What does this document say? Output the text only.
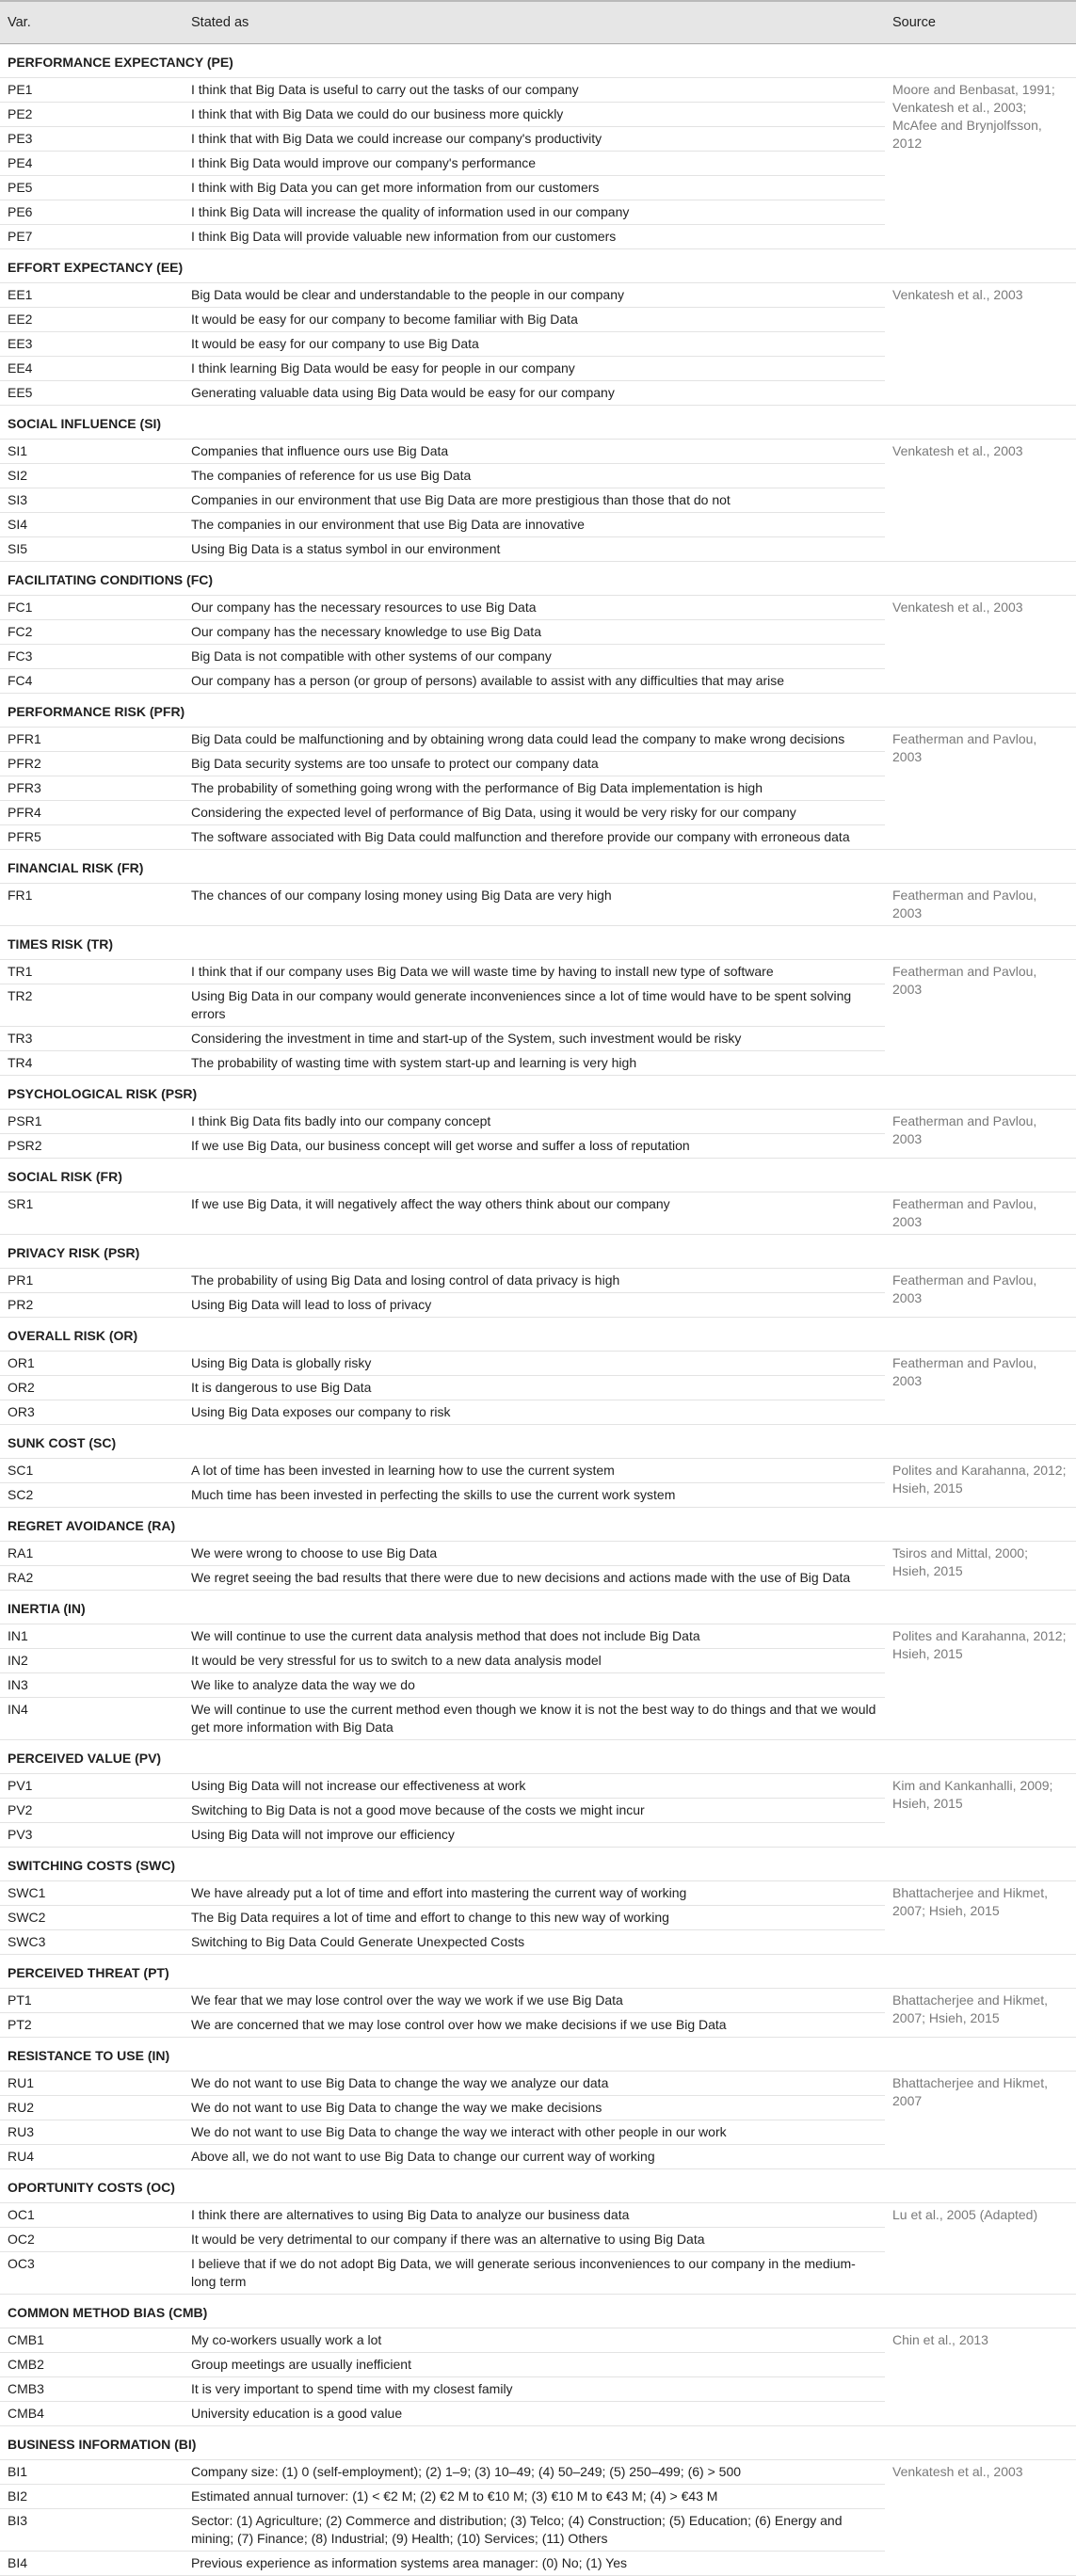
Var.	Stated as	Source
PERFORMANCE EXPECTANCY (PE)		
PE1	I think that Big Data is useful to carry out the tasks of our company	Moore and Benbasat, 1991; Venkatesh et al., 2003; McAfee and Brynjolfsson, 2012
PE2	I think that with Big Data we could do our business more quickly	
PE3	I think that with Big Data we could increase our company's productivity	
PE4	I think Big Data would improve our company's performance	
PE5	I think with Big Data you can get more information from our customers	
PE6	I think Big Data will increase the quality of information used in our company	
PE7	I think Big Data will provide valuable new information from our customers	
EFFORT EXPECTANCY (EE)		
EE1	Big Data would be clear and understandable to the people in our company	Venkatesh et al., 2003
EE2	It would be easy for our company to become familiar with Big Data	
EE3	It would be easy for our company to use Big Data	
EE4	I think learning Big Data would be easy for people in our company	
EE5	Generating valuable data using Big Data would be easy for our company	
SOCIAL INFLUENCE (SI)		
SI1	Companies that influence ours use Big Data	Venkatesh et al., 2003
SI2	The companies of reference for us use Big Data	
SI3	Companies in our environment that use Big Data are more prestigious than those that do not	
SI4	The companies in our environment that use Big Data are innovative	
SI5	Using Big Data is a status symbol in our environment	
FACILITATING CONDITIONS (FC)		
FC1	Our company has the necessary resources to use Big Data	Venkatesh et al., 2003
FC2	Our company has the necessary knowledge to use Big Data	
FC3	Big Data is not compatible with other systems of our company	
FC4	Our company has a person (or group of persons) available to assist with any difficulties that may arise	
PERFORMANCE RISK (PFR)		
PFR1	Big Data could be malfunctioning and by obtaining wrong data could lead the company to make wrong decisions	Featherman and Pavlou, 2003
PFR2	Big Data security systems are too unsafe to protect our company data	
PFR3	The probability of something going wrong with the performance of Big Data implementation is high	
PFR4	Considering the expected level of performance of Big Data, using it would be very risky for our company	
PFR5	The software associated with Big Data could malfunction and therefore provide our company with erroneous data	
FINANCIAL RISK (FR)		
FR1	The chances of our company losing money using Big Data are very high	Featherman and Pavlou, 2003
TIMES RISK (TR)		
TR1	I think that if our company uses Big Data we will waste time by having to install new type of software	Featherman and Pavlou, 2003
TR2	Using Big Data in our company would generate inconveniences since a lot of time would have to be spent solving errors	
TR3	Considering the investment in time and start-up of the System, such investment would be risky	
TR4	The probability of wasting time with system start-up and learning is very high	
PSYCHOLOGICAL RISK (PSR)		
PSR1	I think Big Data fits badly into our company concept	Featherman and Pavlou, 2003
PSR2	If we use Big Data, our business concept will get worse and suffer a loss of reputation	
SOCIAL RISK (FR)		
SR1	If we use Big Data, it will negatively affect the way others think about our company	Featherman and Pavlou, 2003
PRIVACY RISK (PSR)		
PR1	The probability of using Big Data and losing control of data privacy is high	Featherman and Pavlou, 2003
PR2	Using Big Data will lead to loss of privacy	
OVERALL RISK (OR)		
OR1	Using Big Data is globally risky	Featherman and Pavlou, 2003
OR2	It is dangerous to use Big Data	
OR3	Using Big Data exposes our company to risk	
SUNK COST (SC)		
SC1	A lot of time has been invested in learning how to use the current system	Polites and Karahanna, 2012; Hsieh, 2015
SC2	Much time has been invested in perfecting the skills to use the current work system	
REGRET AVOIDANCE (RA)		
RA1	We were wrong to choose to use Big Data	Tsiros and Mittal, 2000; Hsieh, 2015
RA2	We regret seeing the bad results that there were due to new decisions and actions made with the use of Big Data	
INERTIA (IN)		
IN1	We will continue to use the current data analysis method that does not include Big Data	Polites and Karahanna, 2012; Hsieh, 2015
IN2	It would be very stressful for us to switch to a new data analysis model	
IN3	We like to analyze data the way we do	
IN4	We will continue to use the current method even though we know it is not the best way to do things and that we would get more information with Big Data	
PERCEIVED VALUE (PV)		
PV1	Using Big Data will not increase our effectiveness at work	Kim and Kankanhalli, 2009; Hsieh, 2015
PV2	Switching to Big Data is not a good move because of the costs we might incur	
PV3	Using Big Data will not improve our efficiency	
SWITCHING COSTS (SWC)		
SWC1	We have already put a lot of time and effort into mastering the current way of working	Bhattacherjee and Hikmet, 2007; Hsieh, 2015
SWC2	The Big Data requires a lot of time and effort to change to this new way of working	
SWC3	Switching to Big Data Could Generate Unexpected Costs	
PERCEIVED THREAT (PT)		
PT1	We fear that we may lose control over the way we work if we use Big Data	Bhattacherjee and Hikmet, 2007; Hsieh, 2015
PT2	We are concerned that we may lose control over how we make decisions if we use Big Data	
RESISTANCE TO USE (IN)		
RU1	We do not want to use Big Data to change the way we analyze our data	Bhattacherjee and Hikmet, 2007
RU2	We do not want to use Big Data to change the way we make decisions	
RU3	We do not want to use Big Data to change the way we interact with other people in our work	
RU4	Above all, we do not want to use Big Data to change our current way of working	
OPORTUNITY COSTS (OC)		
OC1	I think there are alternatives to using Big Data to analyze our business data	Lu et al., 2005 (Adapted)
OC2	It would be very detrimental to our company if there was an alternative to using Big Data	
OC3	I believe that if we do not adopt Big Data, we will generate serious inconveniences to our company in the medium-long term	
COMMON METHOD BIAS (CMB)		
CMB1	My co-workers usually work a lot	Chin et al., 2013
CMB2	Group meetings are usually inefficient	
CMB3	It is very important to spend time with my closest family	
CMB4	University education is a good value	
BUSINESS INFORMATION (BI)		
BI1	Company size: (1) 0 (self-employment); (2) 1–9; (3) 10–49; (4) 50–249; (5) 250–499; (6) > 500	Venkatesh et al., 2003
BI2	Estimated annual turnover: (1) < €2 M; (2) €2 M to €10 M; (3) €10 M to €43 M; (4) > €43 M	
BI3	Sector: (1) Agriculture; (2) Commerce and distribution; (3) Telco; (4) Construction; (5) Education; (6) Energy and mining; (7) Finance; (8) Industrial; (9) Health; (10) Services; (11) Others	
BI4	Previous experience as information systems area manager: (0) No; (1) Yes	
